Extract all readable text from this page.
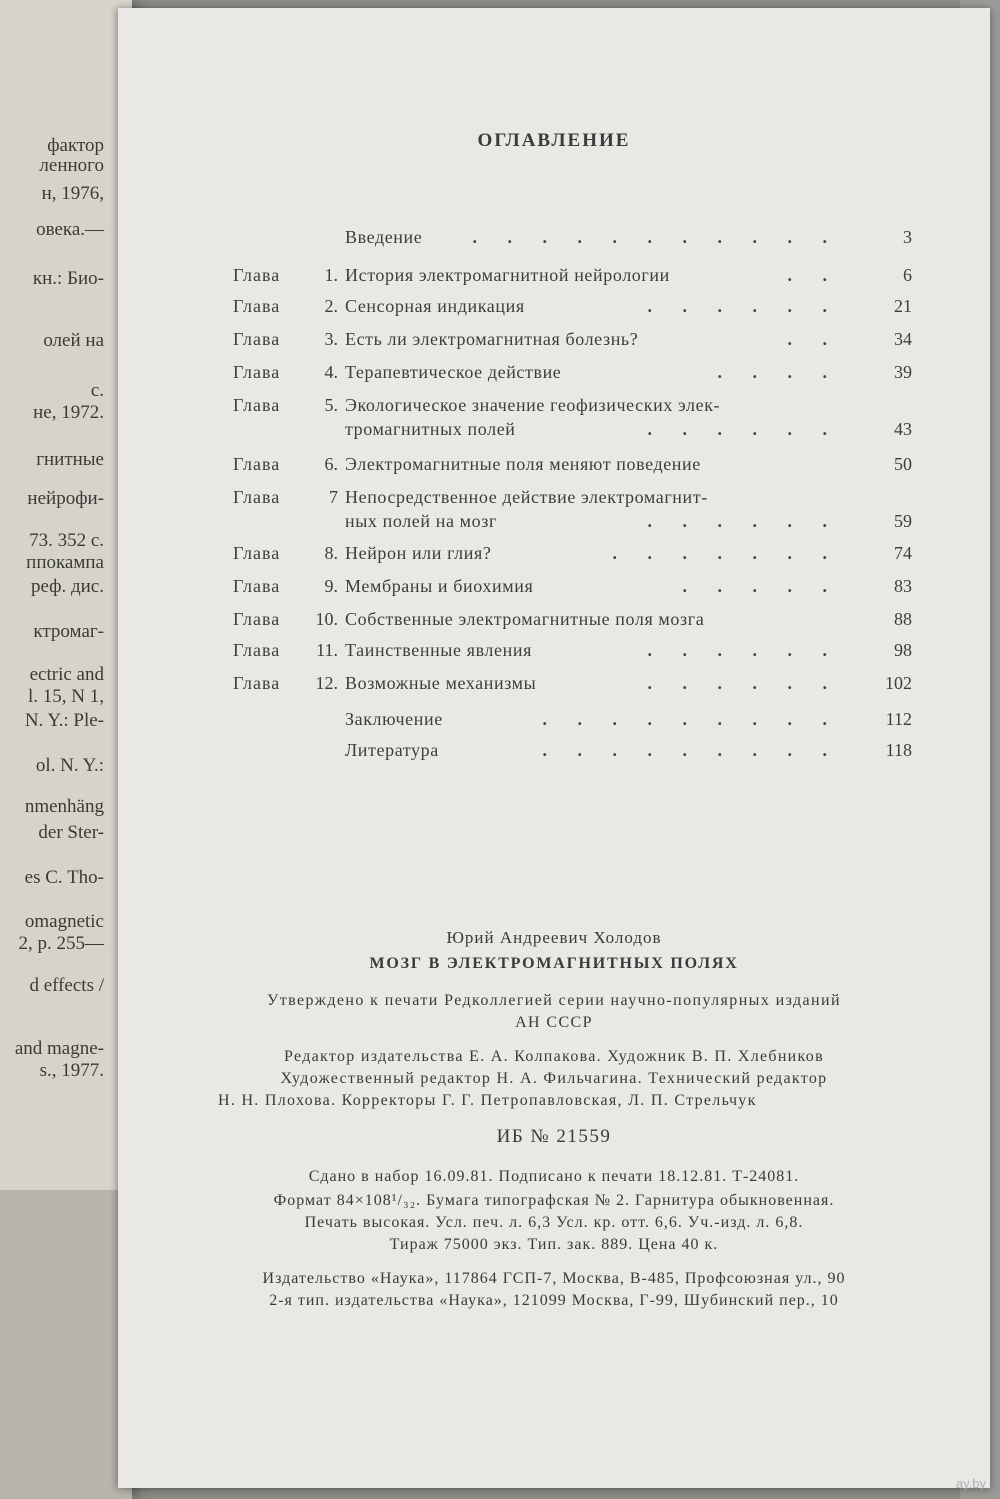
фактор
ленного
н, 1976,
овека.—
кн.: Био-
олей на
с.
не, 1972.
гнитные
нейрофи-
73. 352 с.
ппокампа
реф. дис.
ктромаг-
ectric and
l. 15, N 1,
N. Y.: Ple-
ol. N. Y.:
nmenhäng
der Ster-
es C. Tho-
omagnetic
2, p. 255—
d effects /
and magne-
s., 1977.
ОГЛАВЛЕНИЕ
Введение	. . . . . . . . . . .	3
Глава	1. История электромагнитной нейрологии	. .	6
Глава	2. Сенсорная индикация	. . . . . .	21
Глава	3. Есть ли электромагнитная болезнь?	. .	34
Глава	4. Терапевтическое действие	. . . .	39
Глава	5. Экологическое значение геофизических элек-
тромагнитных полей	. . . . . .	43
Глава	6. Электромагнитные поля меняют поведение	50
Глава	7 Непосредственное действие электромагнит-
ных полей на мозг	. . . . . .	59
Глава	8. Нейрон или глия?	. . . . . . .	74
Глава	9. Мембраны и биохимия	. . . . .	83
Глава	10. Собственные электромагнитные поля мозга	88
Глава	11. Таинственные явления	. . . . . .	98
Глава	12. Возможные механизмы	. . . . . .	102
Заключение	. . . . . . . . .	112
Литература	. . . . . . . . .	118
Юрий Андреевич Холодов
МОЗГ В ЭЛЕКТРОМАГНИТНЫХ ПОЛЯХ
Утверждено к печати Редколлегией серии научно-популярных изданий
АН СССР
Редактор издательства Е. А. Колпакова. Художник В. П. Хлебников
Художественный редактор Н. А. Фильчагина. Технический редактор
Н. Н. Плохова. Корректоры Г. Г. Петропавловская, Л. П. Стрельчук
ИБ № 21559
Сдано в набор 16.09.81. Подписано к печати 18.12.81. Т-24081.
Формат 84×108¹/₃₂. Бумага типографская № 2. Гарнитура обыкновенная.
Печать высокая. Усл. печ. л. 6,3 Усл. кр. отт. 6,6. Уч.-изд. л. 6,8.
Тираж 75000 экз. Тип. зак. 889. Цена 40 к.
Издательство «Наука», 117864 ГСП-7, Москва, В-485, Профсоюзная ул., 90
2-я тип. издательства «Наука», 121099 Москва, Г-99, Шубинский пер., 10
ay.by
